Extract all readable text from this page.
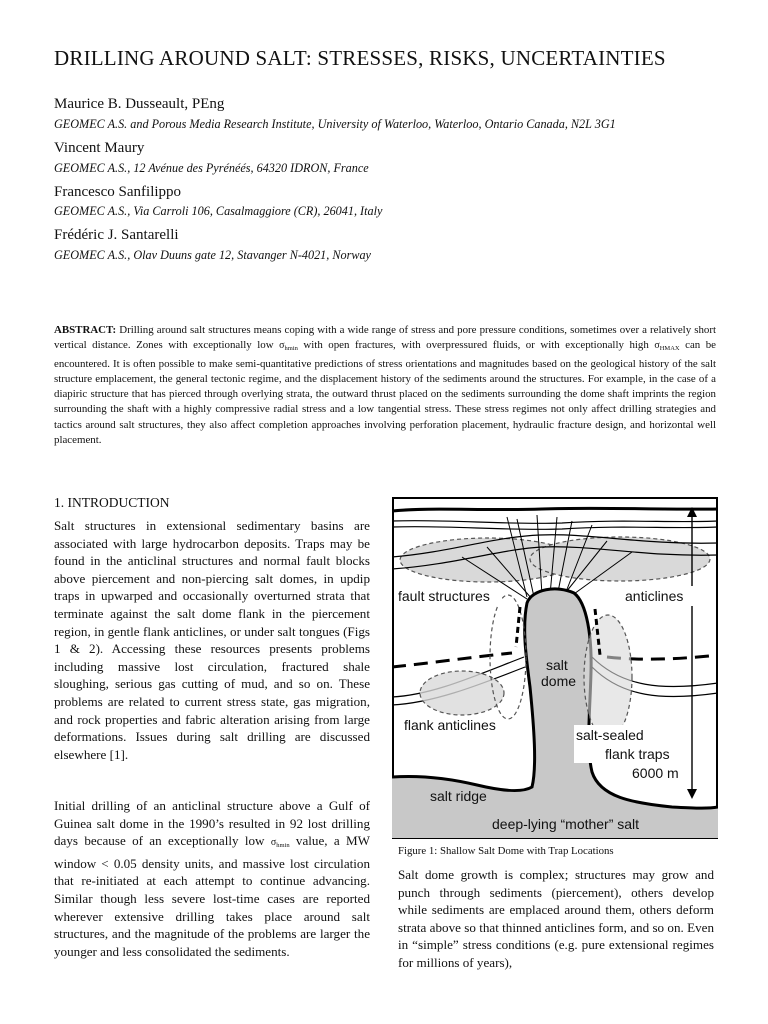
DRILLING AROUND SALT: STRESSES, RISKS, UNCERTAINTIES
Maurice B. Dusseault, PEng
GEOMEC A.S. and Porous Media Research Institute, University of Waterloo, Waterloo, Ontario Canada, N2L 3G1
Vincent Maury
GEOMEC A.S., 12 Avénue des Pyrénéés, 64320 IDRON, France
Francesco Sanfilippo
GEOMEC A.S., Via Carroli 106, Casalmaggiore (CR), 26041, Italy
Frédéric J. Santarelli
GEOMEC A.S., Olav Duuns gate 12, Stavanger N-4021, Norway

ABSTRACT: Drilling around salt structures means coping with a wide range of stress and pore pressure conditions, sometimes over a relatively short vertical distance. Zones with exceptionally low $\sigma_{hmin}$ with open fractures, with overpressured fluids, or with exceptionally high $\sigma_{HMAX}$ can be encountered. It is often possible to make semi-quantitative predictions of stress orientations and magnitudes based on the geological history of the salt structure emplacement, the general tectonic regime, and the displacement history of the sediments around the structures. For example, in the case of a diapiric structure that has pierced through overlying strata, the outward thrust placed on the sediments surrounding the dome shaft imprints the region surrounding the shaft with a highly compressive radial stress and a low tangential stress. These stress regimes not only affect drilling strategies and tactics around salt structures, they also affect completion approaches involving perforation placement, hydraulic fracture design, and horizontal well placement.

1. INTRODUCTION

Salt structures in extensional sedimentary basins are associated with large hydrocarbon deposits. Traps may be found in the anticlinal structures and normal fault blocks above piercement and non-piercing salt domes, in updip traps in upwarped and occasionally overturned strata that terminate against the salt dome flank in the piercement region, in gentle flank anticlines, or under salt tongues (Figs 1 & 2). Accessing these resources presents problems including massive lost circulation, fractured shale sloughing, serious gas cutting of mud, and so on. These problems are related to current stress state, gas migration, and rock properties and fabric alteration arising from large deformations. Issues during salt drilling are discussed elsewhere [1].

Initial drilling of an anticlinal structure above a Gulf of Guinea salt dome in the 1990’s resulted in 92 lost drilling days because of an exceptionally low $\sigma_{hmin}$ value, a MW window < 0.05 density units, and massive lost circulation that re-initiated at each attempt to continue advancing. Similar though less severe lost-time cases are reported wherever extensive drilling takes place around salt structures, and the magnitude of the problems are larger the younger and less consolidated the sediments.

Salt dome growth is complex; structures may grow and punch through sediments (piercement), others develop while sediments are emplaced around them, others deform strata above so that thinned anticlines form, and so on. Even in “simple” stress conditions (e.g. pure extensional regimes for millions of years),

fault structures	anticlines
salt
dome
flank anticlines
salt-sealed
flank traps
6000 m
salt ridge
deep-lying “mother” salt
Figure 1: Shallow Salt Dome with Trap Locations
